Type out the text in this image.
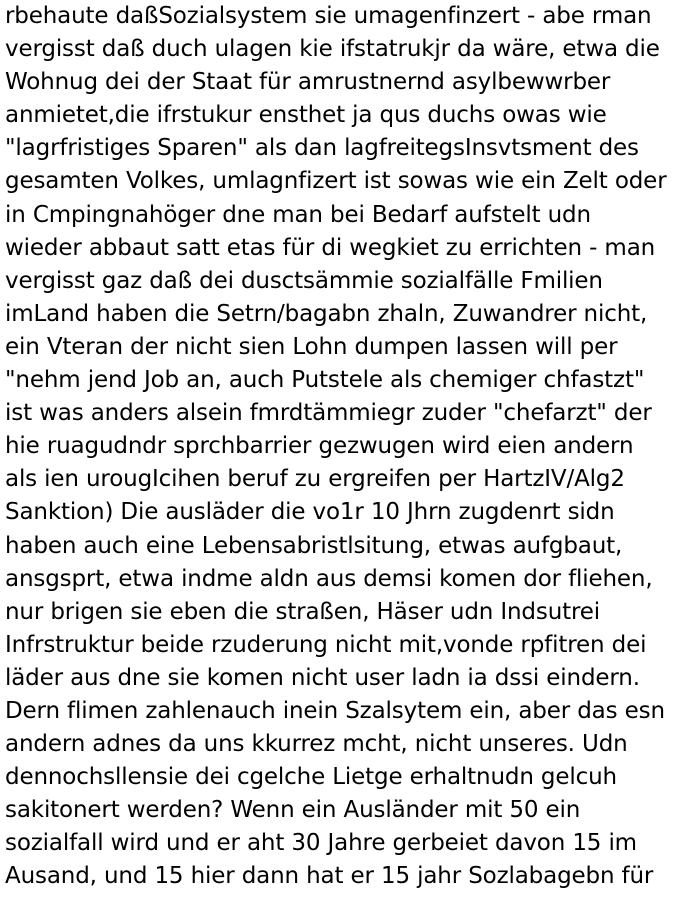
rbehaute daßSozialsystem sie umagenfinzert - abe rman
vergisst daß duch ulagen kie ifstatrukjr da wäre, etwa die
Wohnug dei der Staat für amrustnernd asylbewwrber
anmietet,die ifrstukur ensthet ja qus duchs owas wie
"lagrfristiges Sparen" als dan lagfreitegsInsvtsment des
gesamten Volkes, umlagnfizert ist sowas wie ein Zelt oder
in Cmpingnahöger dne man bei Bedarf aufstelt udn
wieder abbaut satt etas für di wegkiet zu errichten - man
vergisst gaz daß dei dusctsämmie sozialfälle Fmilien
imLand haben die Setrn/bagabn zhaln, Zuwandrer nicht,
ein Vteran der nicht sien Lohn dumpen lassen will per
"nehm jend Job an, auch Putstele als chemiger chfastzt"
ist was anders alsein fmrdtämmiegr zuder "chefarzt" der
hie ruagudndr sprchbarrier gezwugen wird eien andern
als ien urougIcihen beruf zu ergreifen per HartzIV/Alg2
Sanktion) Die ausläder die vo1r 10 Jhrn zugdenrt sidn
haben auch eine Lebensabristlsitung, etwas aufgbaut,
ansgsprt, etwa indme aldn aus demsi komen dor fliehen,
nur brigen sie eben die straßen, Häser udn Indsutrei
Infrstruktur beide rzuderung nicht mit,vonde rpfitren dei
läder aus dne sie komen nicht user ladn ia dssi eindern.
Dern flimen zahlenauch inein Szalsytem ein, aber das esn
andern adnes da uns kkurrez mcht, nicht unseres. Udn
dennochsllensie dei cgelche Lietge erhaltnudn gelcuh
sakitonert werden? Wenn ein Ausländer mit 50 ein
sozialfall wird und er aht 30 Jahre gerbeiet davon 15 im
Ausand, und 15 hier dann hat er 15 jahr Sozlabagebn für
